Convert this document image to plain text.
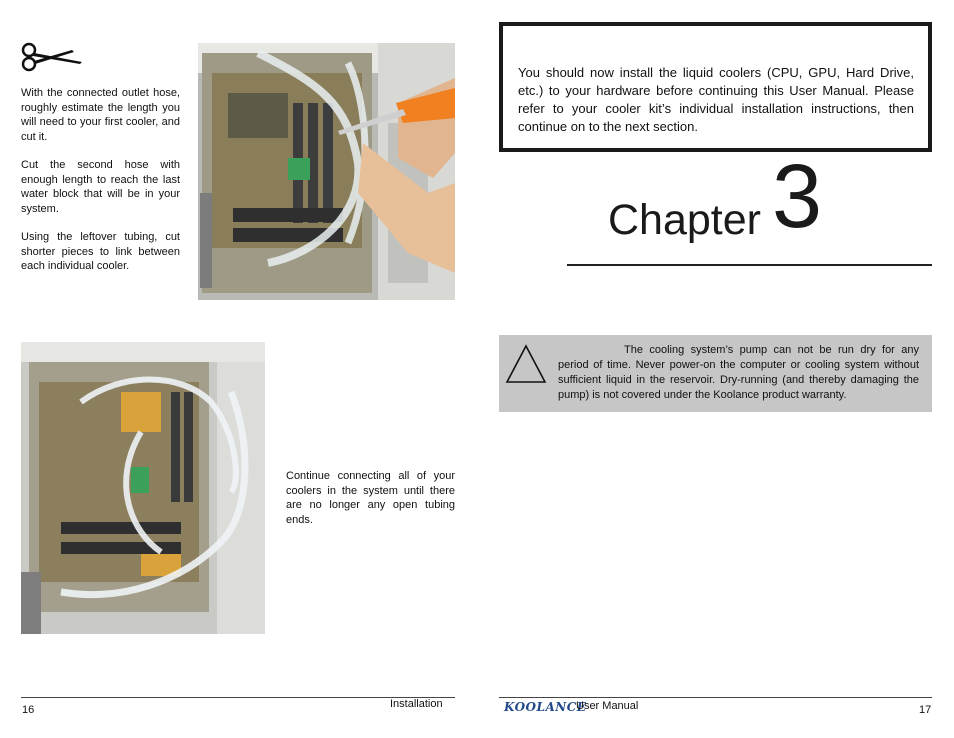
With the connected outlet hose, roughly estimate the length you will need to your first cooler, and cut it.

Cut the second hose with enough length to reach the last water block that will be in your system.

Using the leftover tubing, cut shorter pieces to link between each individual cooler.

Continue connecting all of your coolers in the system until there are no longer any open tubing ends.

16	Installation

You should now install the liquid coolers (CPU, GPU, Hard Drive, etc.) to your hardware before continuing this User Manual. Please refer to your cooler kit’s individual installation instructions, then continue on to the next section.

Chapter 3

The cooling system’s pump can not be run dry for any period of time. Never power-on the computer or cooling system without sufficient liquid in the reservoir. Dry-running (and thereby damaging the pump) is not covered under the Koolance product warranty.

KOOLANCE
User Manual	17
